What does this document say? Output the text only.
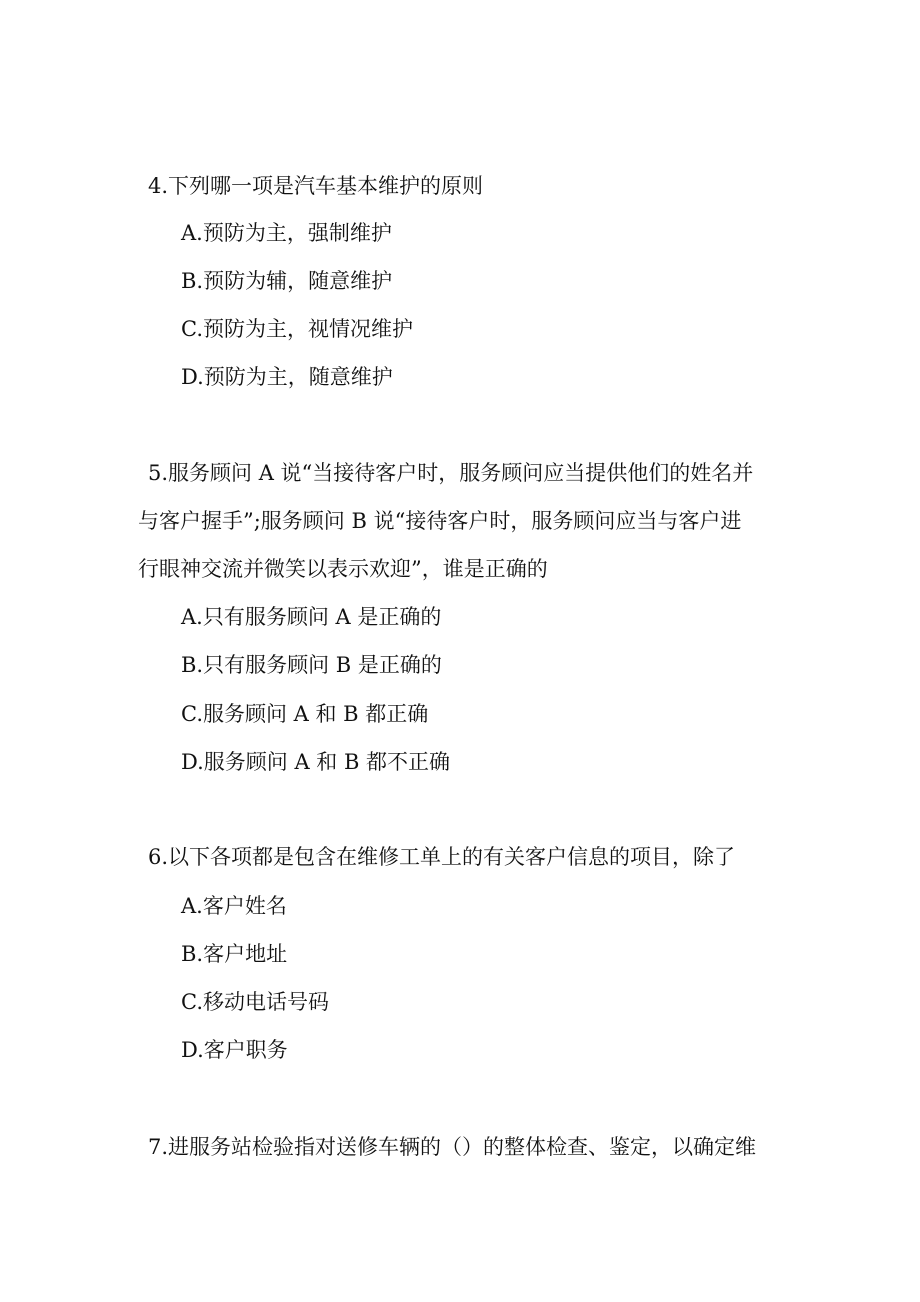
4.下列哪一项是汽车基本维护的原则
A.预防为主，强制维护
B.预防为辅，随意维护
C.预防为主，视情况维护
D.预防为主，随意维护
5.服务顾问 A 说“当接待客户时，服务顾问应当提供他们的姓名并
与客户握手”;服务顾问 B 说“接待客户时，服务顾问应当与客户进
行眼神交流并微笑以表示欢迎”，谁是正确的
A.只有服务顾问 A 是正确的
B.只有服务顾问 B 是正确的
C.服务顾问 A 和 B 都正确
D.服务顾问 A 和 B 都不正确
6.以下各项都是包含在维修工单上的有关客户信息的项目，除了
A.客户姓名
B.客户地址
C.移动电话号码
D.客户职务
7.进服务站检验指对送修车辆的（）的整体检查、鉴定，以确定维
